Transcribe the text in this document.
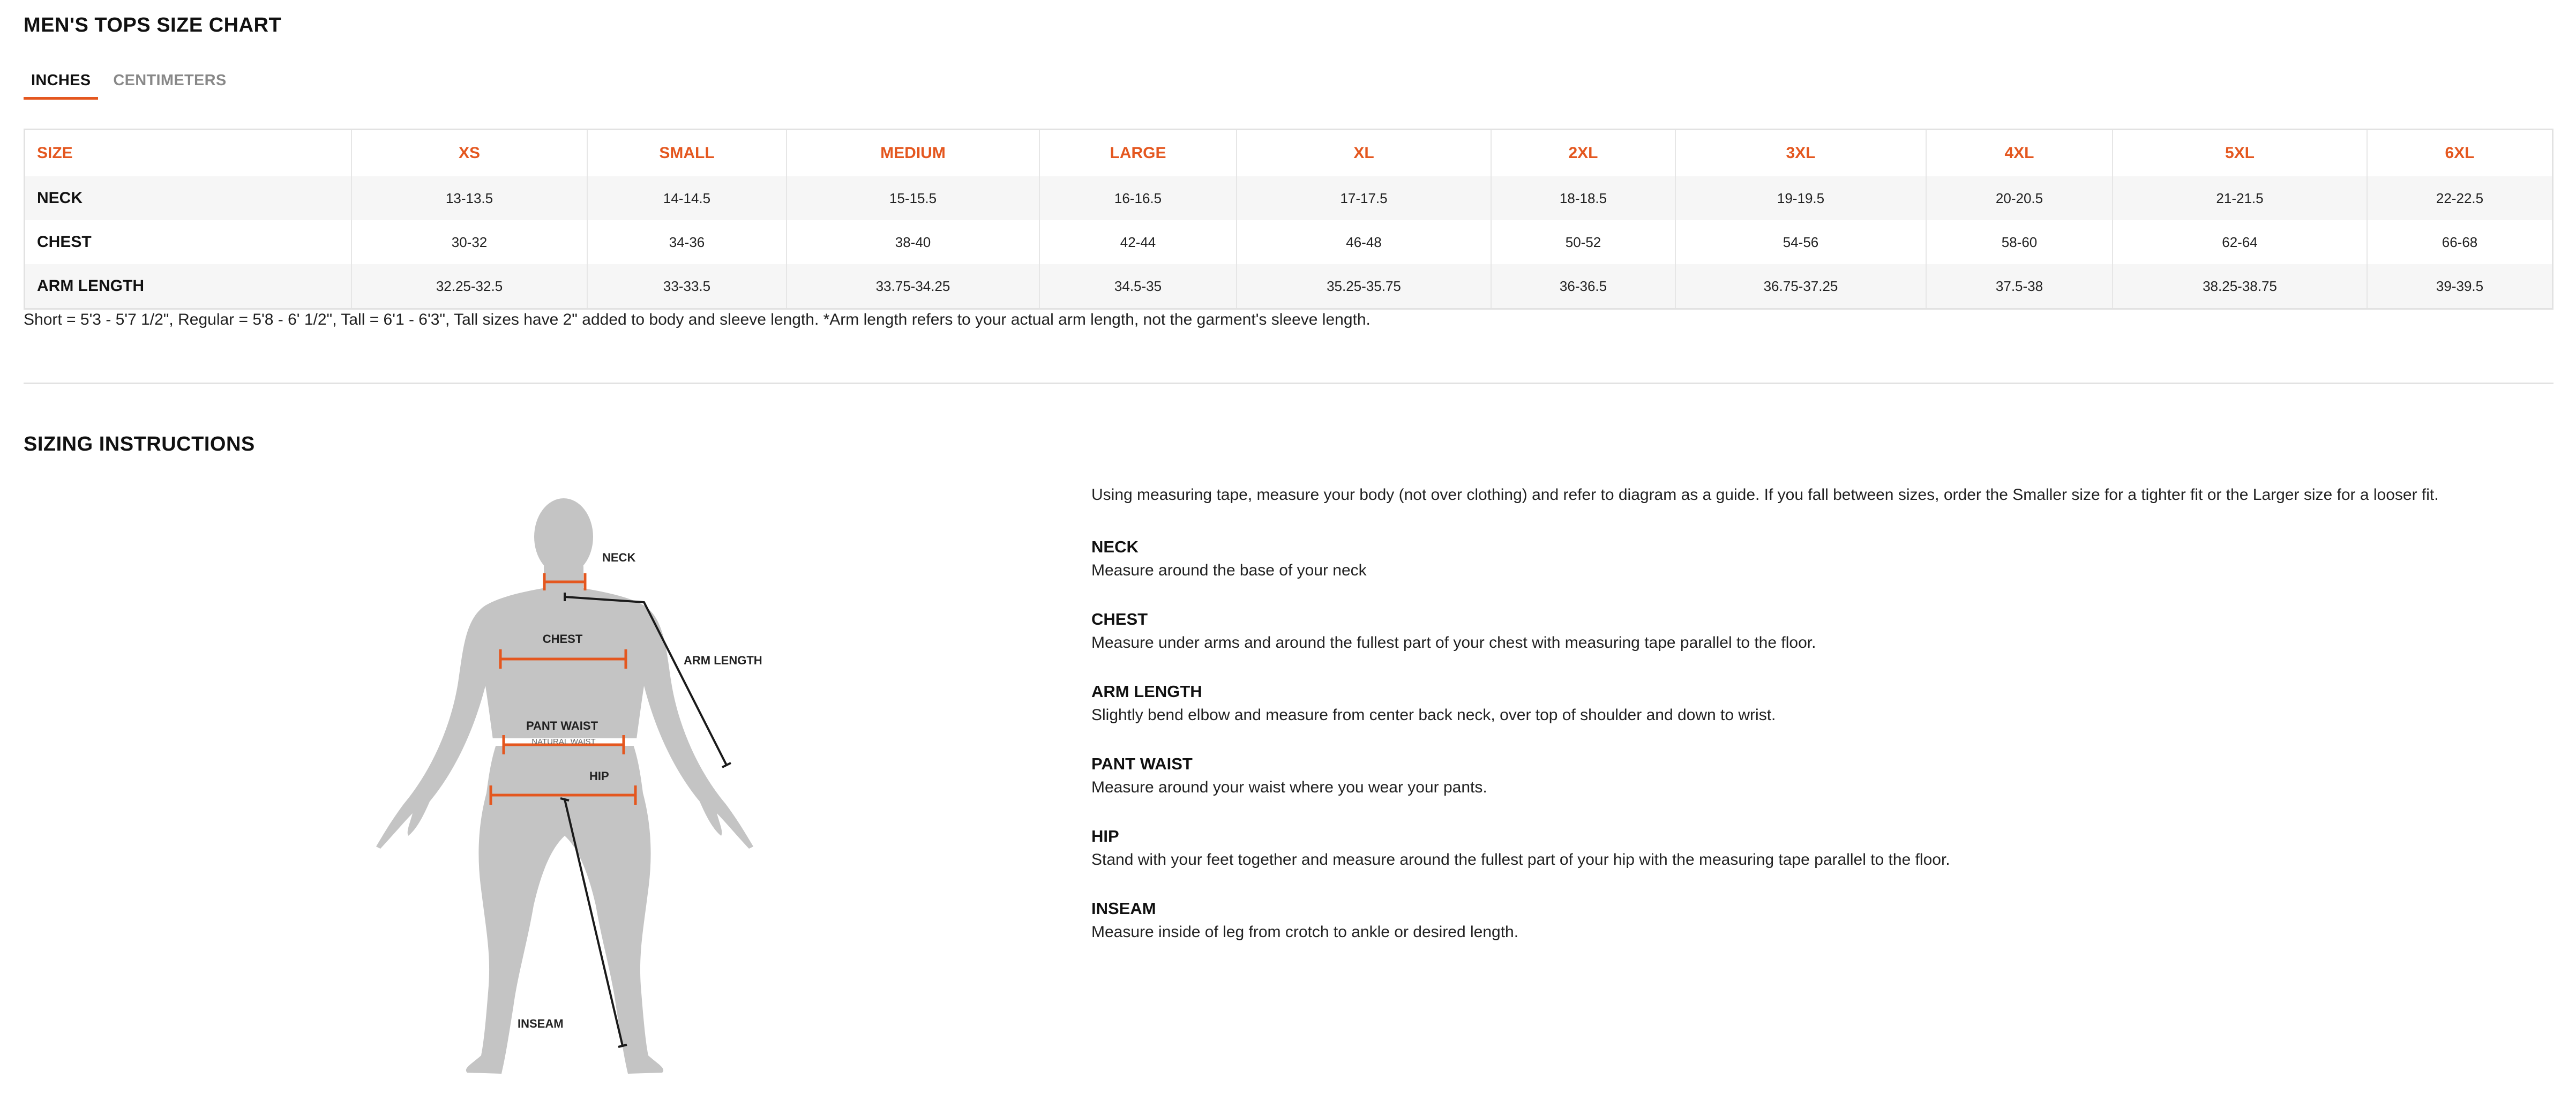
MEN'S TOPS SIZE CHART
INCHES	CENTIMETERS
SIZE	XS	SMALL	MEDIUM	LARGE	XL	2XL	3XL	4XL	5XL	6XL
NECK	13-13.5	14-14.5	15-15.5	16-16.5	17-17.5	18-18.5	19-19.5	20-20.5	21-21.5	22-22.5
CHEST	30-32	34-36	38-40	42-44	46-48	50-52	54-56	58-60	62-64	66-68
ARM LENGTH	32.25-32.5	33-33.5	33.75-34.25	34.5-35	35.25-35.75	36-36.5	36.75-37.25	37.5-38	38.25-38.75	39-39.5
Short = 5'3 - 5'7 1/2", Regular = 5'8 - 6' 1/2", Tall = 6'1 - 6'3", Tall sizes have 2" added to body and sleeve length. *Arm length refers to your actual arm length, not the garment's sleeve length.
SIZING INSTRUCTIONS
NECK
ARM LENGTH
CHEST
NATURAL WAIST
PANT WAIST
HIP
INSEAM

Using measuring tape, measure your body (not over clothing) and refer to diagram as a guide. If you fall between sizes, order the Smaller size for a tighter fit or the Larger size for a looser fit.

NECK
Measure around the base of your neck
CHEST
Measure under arms and around the fullest part of your chest with measuring tape parallel to the floor.
ARM LENGTH
Slightly bend elbow and measure from center back neck, over top of shoulder and down to wrist.
PANT WAIST
Measure around your waist where you wear your pants.
HIP
Stand with your feet together and measure around the fullest part of your hip with the measuring tape parallel to the floor.
INSEAM
Measure inside of leg from crotch to ankle or desired length.
